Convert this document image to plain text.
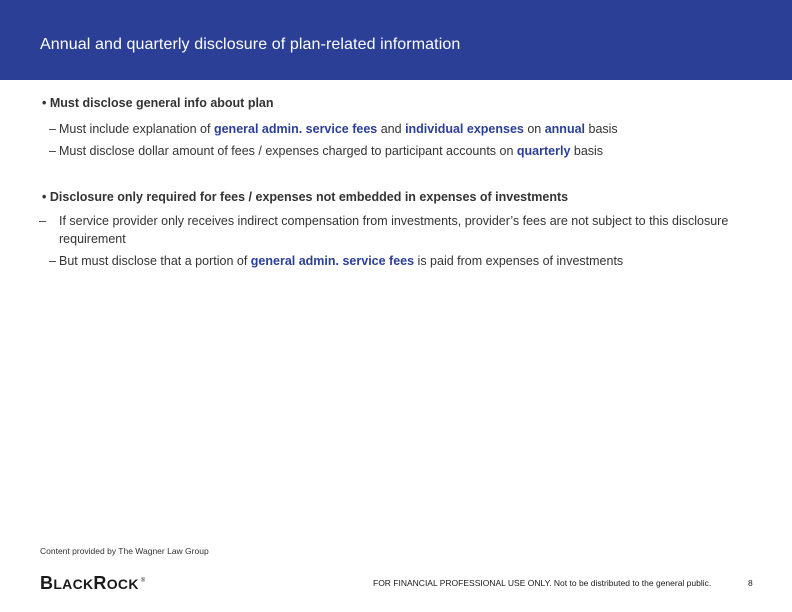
Annual and quarterly disclosure of plan-related information
• Must disclose general info about plan
– Must include explanation of general admin. service fees and individual expenses on annual basis
– Must disclose dollar amount of fees / expenses charged to participant accounts on quarterly basis
• Disclosure only required for fees / expenses not embedded in expenses of investments
– If service provider only receives indirect compensation from investments, provider’s fees are not subject to this disclosure requirement
– But must disclose that a portion of general admin. service fees is paid from expenses of investments
Content provided by The Wagner Law Group
BLACKROCK ®	FOR FINANCIAL PROFESSIONAL USE ONLY. Not to be distributed to the general public.	8
